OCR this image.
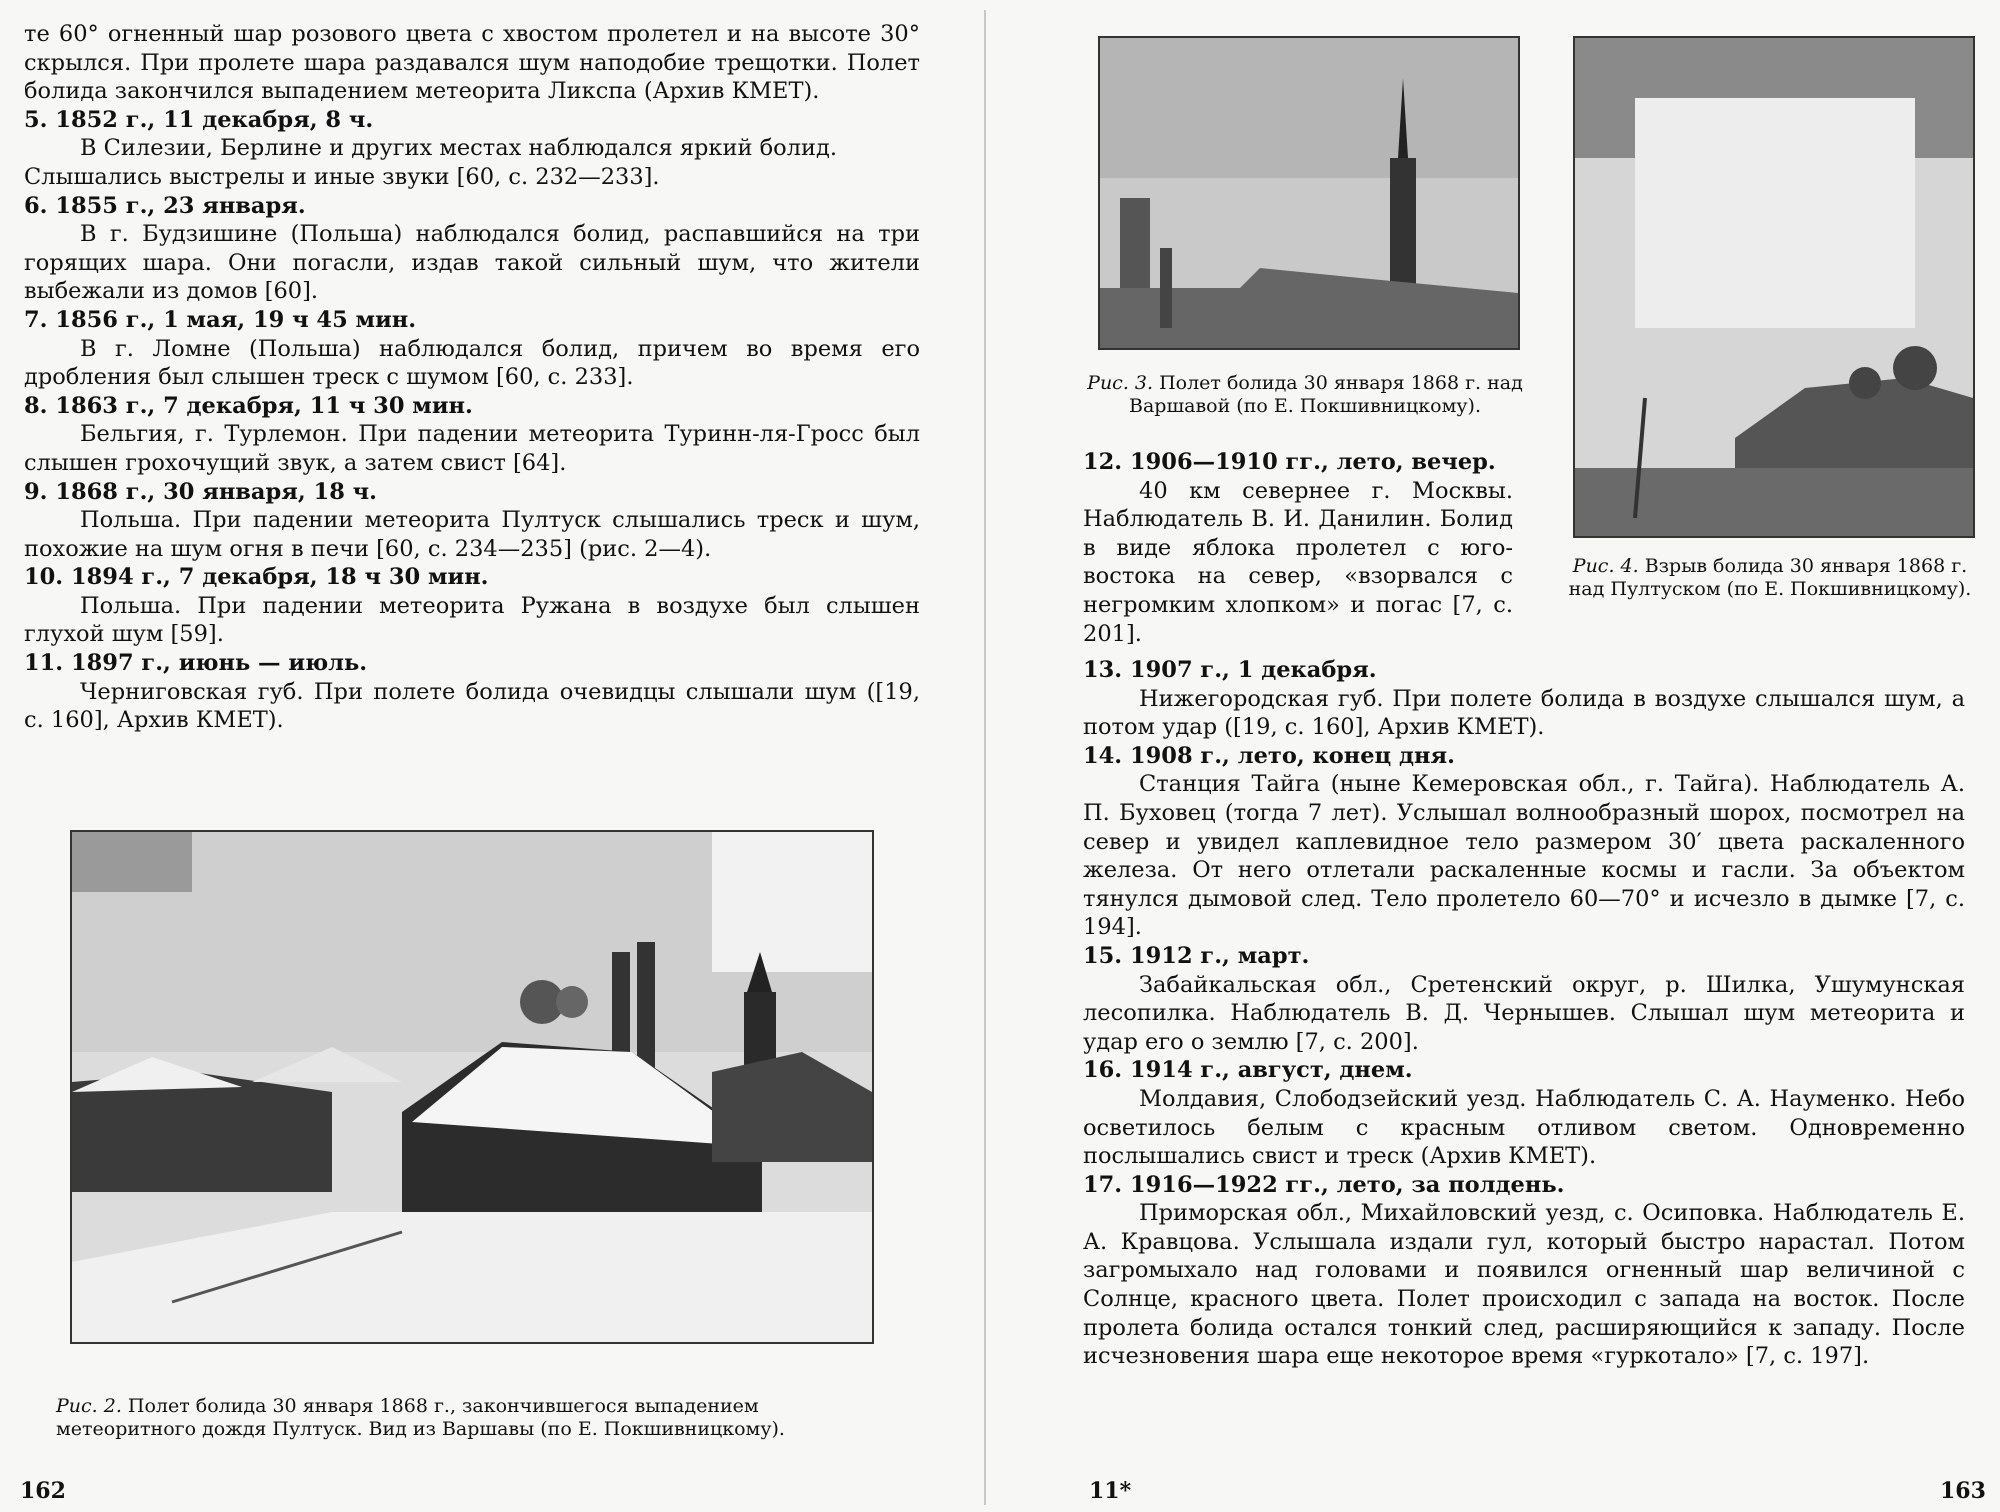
те 60° огненный шар розового цвета с хвостом пролетел и на высоте 30° скрылся. При пролете шара раздавался шум наподобие трещотки. Полет болида закончился выпадением метеорита Ликспа (Архив КМЕТ).

5. 1852 г., 11 декабря, 8 ч.

В Силезии, Берлине и других местах наблюдался яркий болид. Слышались выстрелы и иные звуки [60, с. 232—233].

6. 1855 г., 23 января.

В г. Будзишине (Польша) наблюдался болид, распавшийся на три горящих шара. Они погасли, издав такой сильный шум, что жители выбежали из домов [60].

7. 1856 г., 1 мая, 19 ч 45 мин.

В г. Ломне (Польша) наблюдался болид, причем во время его дробления был слышен треск с шумом [60, с. 233].

8. 1863 г., 7 декабря, 11 ч 30 мин.

Бельгия, г. Турлемон. При падении метеорита Туринн-ля-Гросс был слышен грохочущий звук, а затем свист [64].

9. 1868 г., 30 января, 18 ч.

Польша. При падении метеорита Пултуск слышались треск и шум, похожие на шум огня в печи [60, с. 234—235] (рис. 2—4).

10. 1894 г., 7 декабря, 18 ч 30 мин.

Польша. При падении метеорита Ружана в воздухе был слышен глухой шум [59].

11. 1897 г., июнь — июль.

Черниговская губ. При полете болида очевидцы слышали шум ([19, с. 160], Архив КМЕТ).

Рис. 2. Полет болида 30 января 1868 г., закончившегося выпадением метеоритного дождя Пултуск. Вид из Варшавы (по Е. Покшивницкому).
162
Рис. 3. Полет болида 30 января 1868 г. над Варшавой (по Е. Покшивницкому).
Рис. 4. Взрыв болида 30 января 1868 г. над Пултуском (по Е. Покшивницкому).
12. 1906—1910 гг., лето, вечер.

40 км севернее г. Москвы. Наблюдатель В. И. Данилин. Болид в виде яблока пролетел с юго-востока на север, «взорвался с негромким хлопком» и погас [7, с. 201].

13. 1907 г., 1 декабря.

Нижегородская губ. При полете болида в воздухе слышался шум, а потом удар ([19, с. 160], Архив КМЕТ).

14. 1908 г., лето, конец дня.

Станция Тайга (ныне Кемеровская обл., г. Тайга). Наблюдатель А. П. Буховец (тогда 7 лет). Услышал волнообразный шорох, посмотрел на север и увидел каплевидное тело размером 30′ цвета раскаленного железа. От него отлетали раскаленные космы и гасли. За объектом тянулся дымовой след. Тело пролетело 60—70° и исчезло в дымке [7, с. 194].

15. 1912 г., март.

Забайкальская обл., Сретенский округ, р. Шилка, Ушумунская лесопилка. Наблюдатель В. Д. Чернышев. Слышал шум метеорита и удар его о землю [7, с. 200].

16. 1914 г., август, днем.

Молдавия, Слободзейский уезд. Наблюдатель С. А. Науменко. Небо осветилось белым с красным отливом светом. Одновременно послышались свист и треск (Архив КМЕТ).

17. 1916—1922 гг., лето, за полдень.

Приморская обл., Михайловский уезд, с. Осиповка. Наблюдатель Е. А. Кравцова. Услышала издали гул, который быстро нарастал. Потом загромыхало над головами и появился огненный шар величиной с Солнце, красного цвета. Полет происходил с запада на восток. После пролета болида остался тонкий след, расширяющийся к западу. После исчезновения шара еще некоторое время «гуркотало» [7, с. 197].

11*	163
